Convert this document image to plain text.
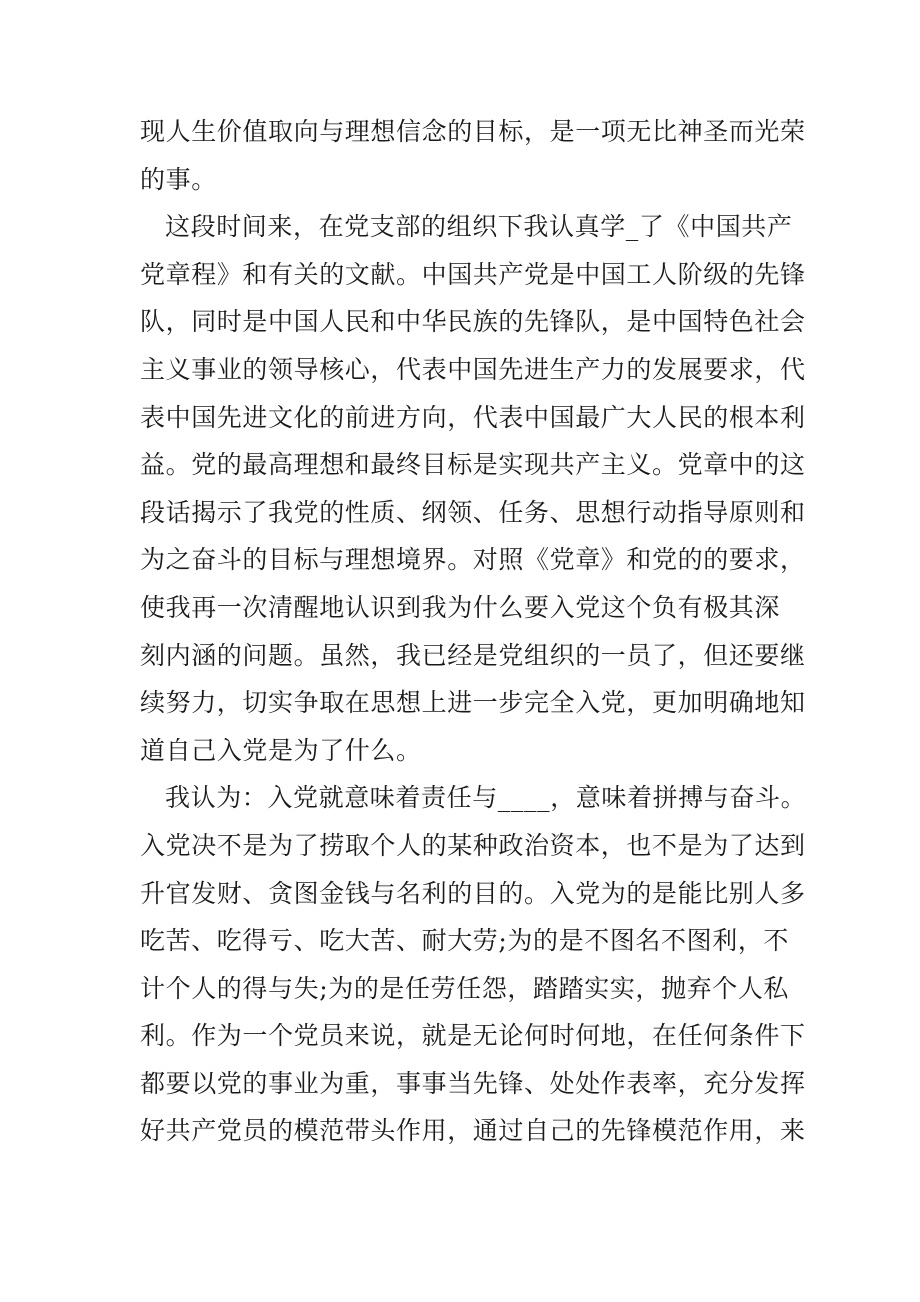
现人生价值取向与理想信念的目标，是一项无比神圣而光荣
的事。
这段时间来，在党支部的组织下我认真学_了《中国共产
党章程》和有关的文献。中国共产党是中国工人阶级的先锋
队，同时是中国人民和中华民族的先锋队，是中国特色社会
主义事业的领导核心，代表中国先进生产力的发展要求，代
表中国先进文化的前进方向，代表中国最广大人民的根本利
益。党的最高理想和最终目标是实现共产主义。党章中的这
段话揭示了我党的性质、纲领、任务、思想行动指导原则和
为之奋斗的目标与理想境界。对照《党章》和党的的要求，
使我再一次清醒地认识到我为什么要入党这个负有极其深
刻内涵的问题。虽然，我已经是党组织的一员了，但还要继
续努力，切实争取在思想上进一步完全入党，更加明确地知
道自己入党是为了什么。
我认为：入党就意味着责任与____，意味着拼搏与奋斗。
入党决不是为了捞取个人的某种政治资本，也不是为了达到
升官发财、贪图金钱与名利的目的。入党为的是能比别人多
吃苦、吃得亏、吃大苦、耐大劳;为的是不图名不图利，不
计个人的得与失;为的是任劳任怨，踏踏实实，抛弃个人私
利。作为一个党员来说，就是无论何时何地，在任何条件下
都要以党的事业为重，事事当先锋、处处作表率，充分发挥
好共产党员的模范带头作用，通过自己的先锋模范作用，来
